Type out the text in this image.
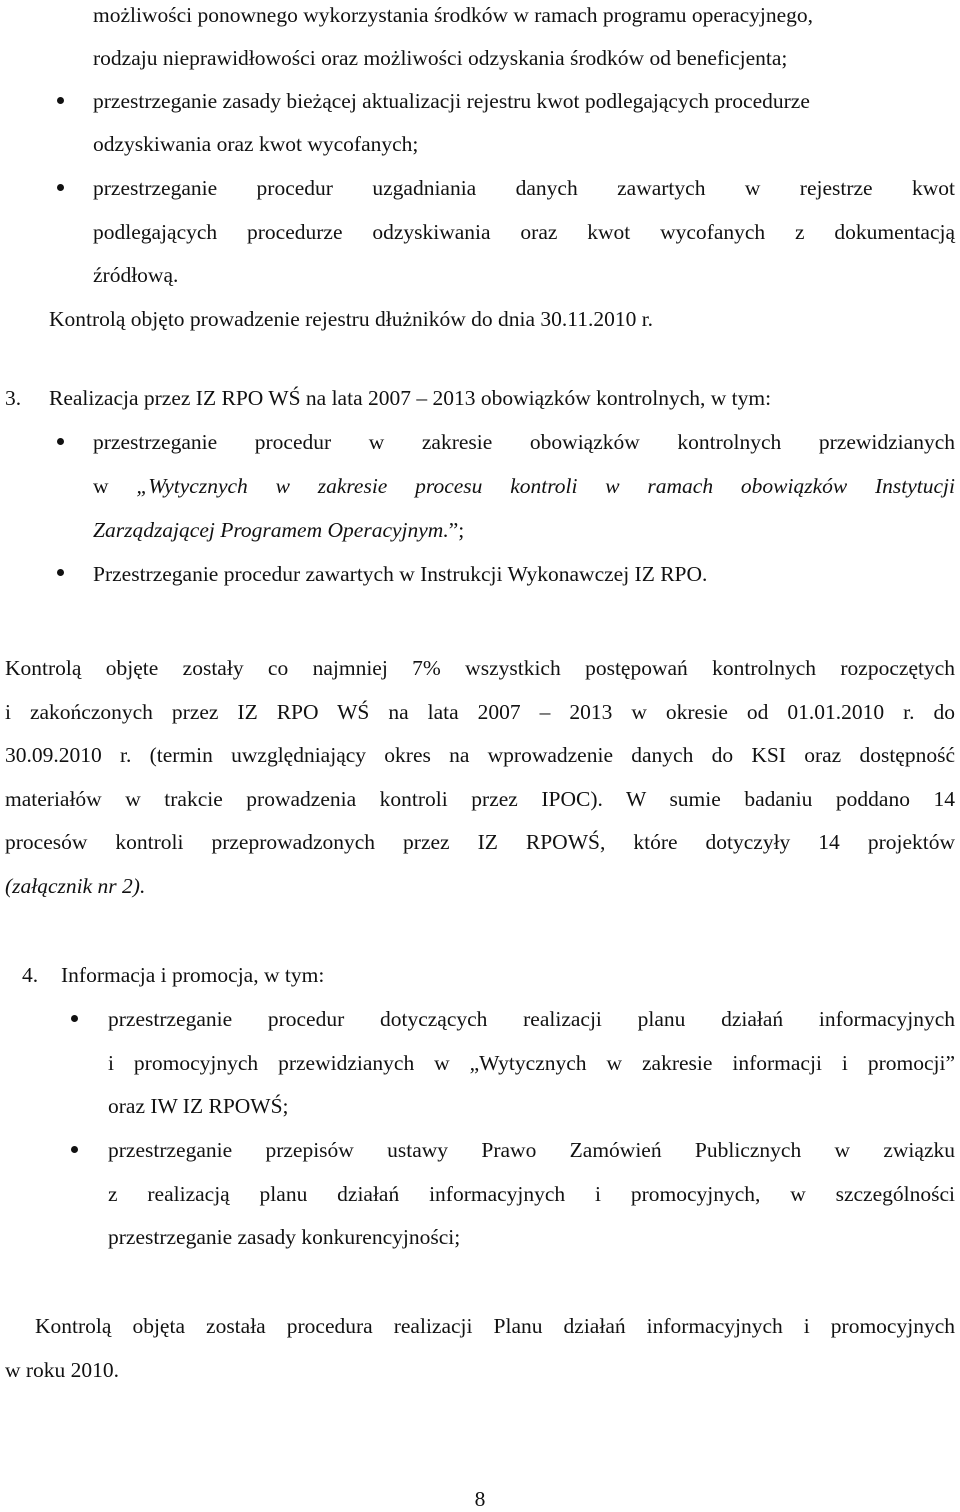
możliwości ponownego wykorzystania środków w ramach programu operacyjnego,
rodzaju nieprawidłowości oraz możliwości odzyskania środków od beneficjenta;
przestrzeganie zasady bieżącej aktualizacji rejestru kwot podlegających procedurze
odzyskiwania oraz kwot wycofanych;
przestrzeganie procedur uzgadniania danych zawartych w rejestrze kwot
podlegających procedurze odzyskiwania oraz kwot wycofanych z dokumentacją
źródłową.
Kontrolą objęto prowadzenie rejestru dłużników do dnia 30.11.2010 r.
3. Realizacja przez IZ RPO WŚ na lata 2007 – 2013 obowiązków kontrolnych, w tym:
przestrzeganie procedur w zakresie obowiązków kontrolnych przewidzianych
w „Wytycznych w zakresie procesu kontroli w ramach obowiązków Instytucji
Zarządzającej Programem Operacyjnym.”;
Przestrzeganie procedur zawartych w Instrukcji Wykonawczej IZ RPO.
Kontrolą objęte zostały co najmniej 7% wszystkich postępowań kontrolnych rozpoczętych
i zakończonych przez IZ RPO WŚ na lata 2007 – 2013 w okresie od 01.01.2010 r. do
30.09.2010 r. (termin uwzględniający okres na wprowadzenie danych do KSI oraz dostępność
materiałów w trakcie prowadzenia kontroli przez IPOC). W sumie badaniu poddano 14
procesów kontroli przeprowadzonych przez IZ RPOWŚ, które dotyczyły 14 projektów
(załącznik nr 2).
4. Informacja i promocja, w tym:
przestrzeganie procedur dotyczących realizacji planu działań informacyjnych
i promocyjnych przewidzianych w „Wytycznych w zakresie informacji i promocji”
oraz IW IZ RPOWŚ;
przestrzeganie przepisów ustawy Prawo Zamówień Publicznych w związku
z realizacją planu działań informacyjnych i promocyjnych, w szczególności
przestrzeganie zasady konkurencyjności;
Kontrolą objęta została procedura realizacji Planu działań informacyjnych i promocyjnych
w roku 2010.
8
